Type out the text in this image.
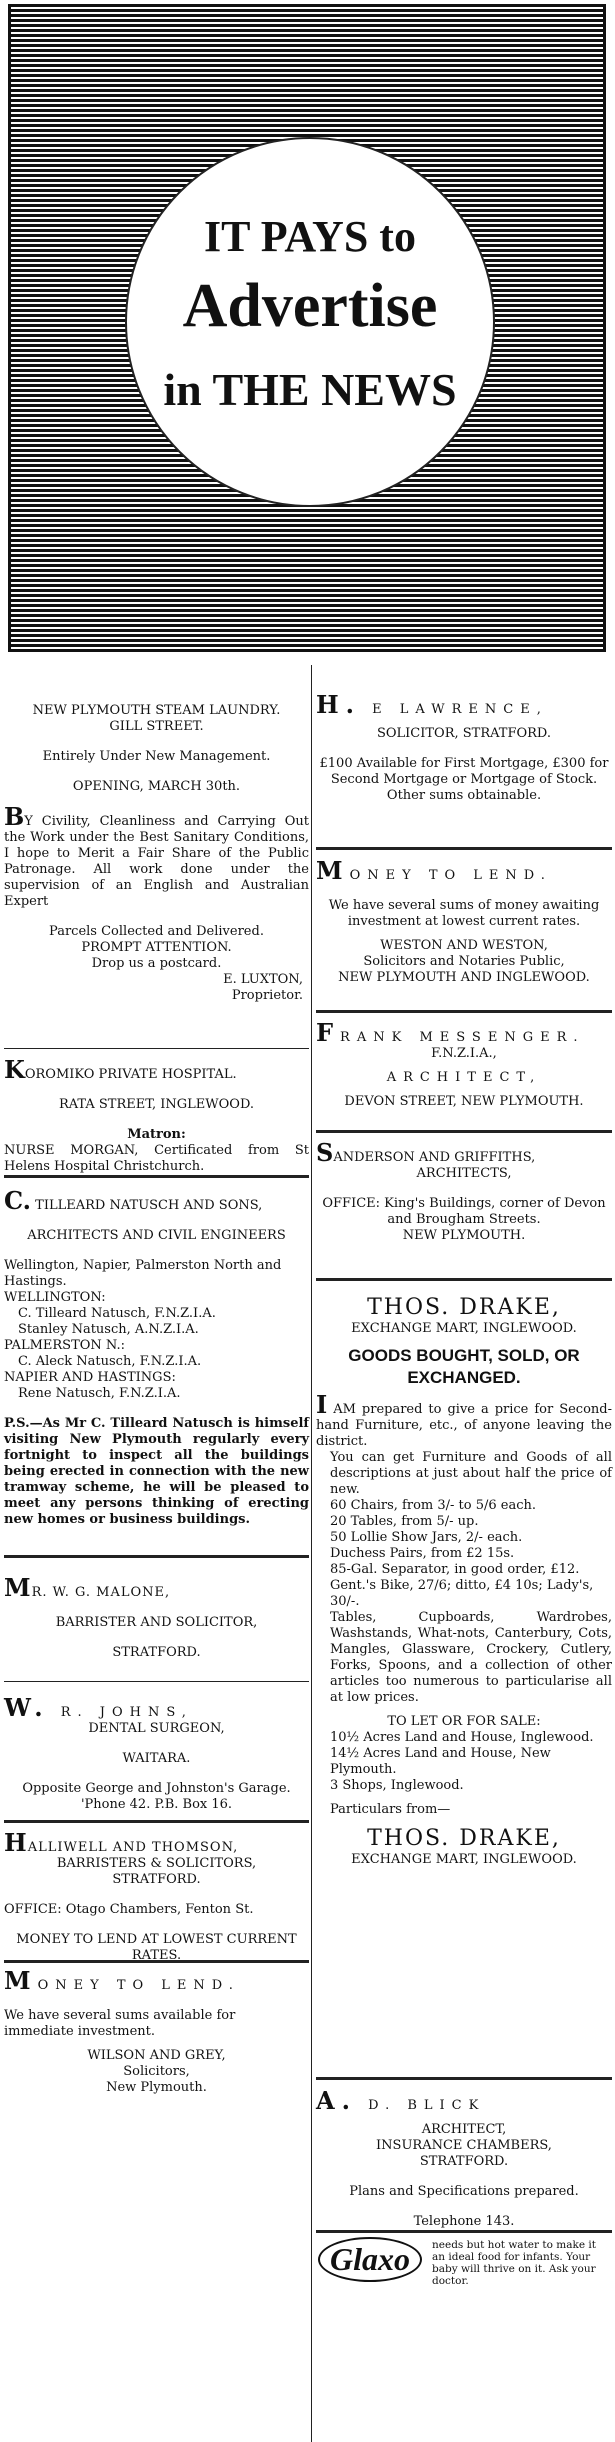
IT PAYS to
Advertise
in THE NEWS

NEW PLYMOUTH STEAM LAUNDRY.

GILL STREET.

Entirely Under New Management.

OPENING, MARCH 30th.

BY Civility, Cleanliness and Carrying Out the Work under the Best Sanitary Conditions, I hope to Merit a Fair Share of the Public Patronage. All work done under the supervision of an English and Australian Expert

Parcels Collected and Delivered.

PROMPT ATTENTION.

Drop us a postcard.

E. LUXTON,

Proprietor.

KOROMIKO PRIVATE HOSPITAL.

RATA STREET, INGLEWOOD.

Matron:

NURSE MORGAN, Certificated from St Helens Hospital Christchurch.

C. TILLEARD NATUSCH AND SONS,

ARCHITECTS AND CIVIL ENGINEERS

Wellington, Napier, Palmerston North and Hastings.

WELLINGTON:

C. Tilleard Natusch, F.N.Z.I.A.

Stanley Natusch, A.N.Z.I.A.

PALMERSTON N.:

C. Aleck Natusch, F.N.Z.I.A.

NAPIER AND HASTINGS:

Rene Natusch, F.N.Z.I.A.

P.S.—As Mr C. Tilleard Natusch is himself visiting New Plymouth regularly every fortnight to inspect all the buildings being erected in connection with the new tramway scheme, he will be pleased to meet any persons thinking of erecting new homes or business buildings.

MR. W. G. MALONE,

BARRISTER AND SOLICITOR,

STRATFORD.

W. R. JOHNS,

DENTAL SURGEON,

WAITARA.

Opposite George and Johnston's Garage.

'Phone 42. P.B. Box 16.

HALLIWELL AND THOMSON,

BARRISTERS & SOLICITORS,

STRATFORD.

OFFICE: Otago Chambers, Fenton St.

MONEY TO LEND AT LOWEST CURRENT RATES.

MONEY TO LEND.

We have several sums available for immediate investment.

WILSON AND GREY,

Solicitors,

New Plymouth.

H. E LAWRENCE,

SOLICITOR, STRATFORD.

£100 Available for First Mortgage, £300 for Second Mortgage or Mortgage of Stock. Other sums obtainable.

MONEY TO LEND.

We have several sums of money awaiting investment at lowest current rates.

WESTON AND WESTON,

Solicitors and Notaries Public,

NEW PLYMOUTH AND INGLEWOOD.

FRANK MESSENGER.

F.N.Z.I.A.,

ARCHITECT,

DEVON STREET, NEW PLYMOUTH.

SANDERSON AND GRIFFITHS,

ARCHITECTS,

OFFICE: King's Buildings, corner of Devon and Brougham Streets.

NEW PLYMOUTH.

THOS. DRAKE,

EXCHANGE MART, INGLEWOOD.

GOODS BOUGHT, SOLD, OR EXCHANGED.

I AM prepared to give a price for Second-hand Furniture, etc., of anyone leaving the district.

You can get Furniture and Goods of all descriptions at just about half the price of new.

60 Chairs, from 3/- to 5/6 each.

20 Tables, from 5/- up.

50 Lollie Show Jars, 2/- each.

Duchess Pairs, from £2 15s.

85-Gal. Separator, in good order, £12.

Gent.'s Bike, 27/6; ditto, £4 10s; Lady's, 30/-.

Tables, Cupboards, Wardrobes, Washstands, What-nots, Canterbury, Cots, Mangles, Glassware, Crockery, Cutlery, Forks, Spoons, and a collection of other articles too numerous to particularise all at low prices.

TO LET OR FOR SALE:

10½ Acres Land and House, Inglewood.

14½ Acres Land and House, New Plymouth.

3 Shops, Inglewood.

Particulars from—

THOS. DRAKE,

EXCHANGE MART, INGLEWOOD.

A. D. BLICK

ARCHITECT,

INSURANCE CHAMBERS,

STRATFORD.

Plans and Specifications prepared.

Telephone 143.

Glaxo	needs but hot water to make it an ideal food for infants. Your baby will thrive on it. Ask your doctor.
